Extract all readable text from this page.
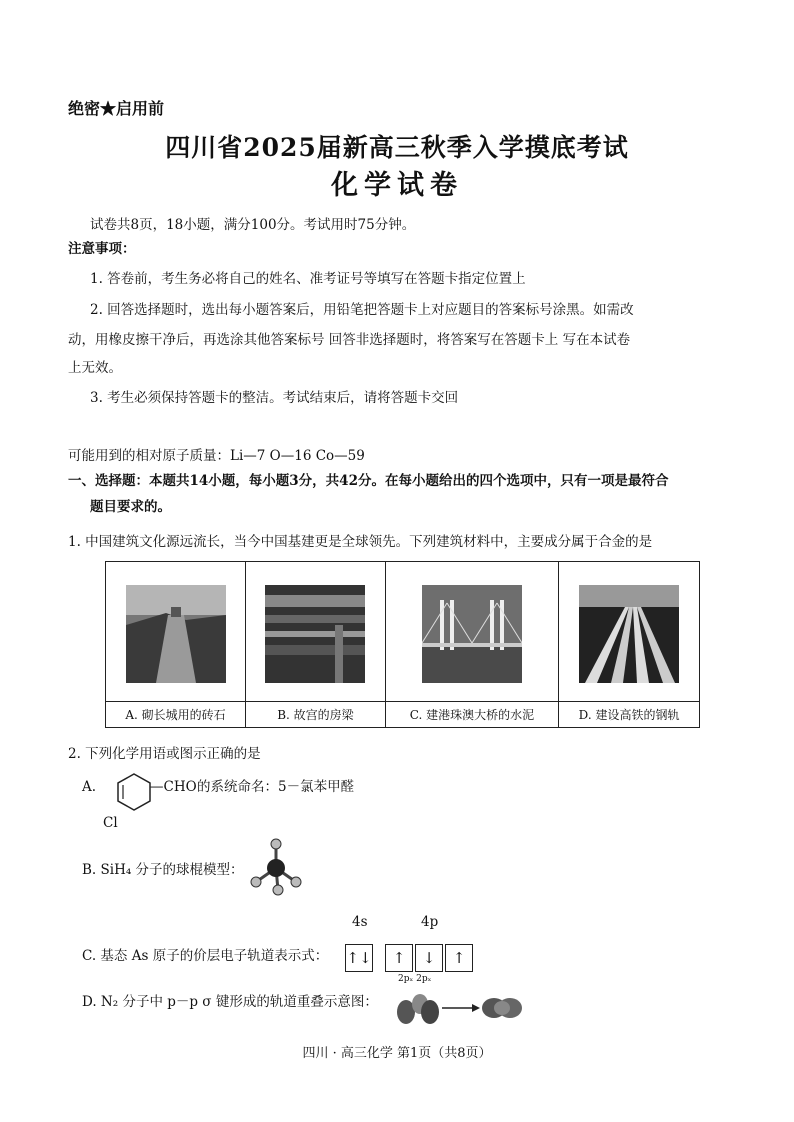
绝密★启用前
四川省2025届新高三秋季入学摸底考试
化学试卷
试卷共8页，18小题，满分100分。考试用时75分钟。
注意事项：
1. 答卷前，考生务必将自己的姓名、准考证号等填写在答题卡指定位置上
2. 回答选择题时，选出每小题答案后，用铅笔把答题卡上对应题目的答案标号涂黑。如需改
动，用橡皮擦干净后，再选涂其他答案标号 回答非选择题时，将答案写在答题卡上 写在本试卷
上无效。
3. 考生必须保持答题卡的整洁。考试结束后，请将答题卡交回
可能用到的相对原子质量：Li—7 O—16 Co—59
一、选择题：本题共14小题，每小题3分，共42分。在每小题给出的四个选项中，只有一项是最符合
题目要求的。
1. 中国建筑文化源远流长，当今中国基建更是全球领先。下列建筑材料中，主要成分属于合金的是

A. 砌长城用的砖石	B. 故宫的房梁	C. 建港珠澳大桥的水泥	D. 建设高铁的钢轨
2. 下列化学用语或图示正确的是
A.	—CHO 的系统命名：5－氯苯甲醛
Cl
B. SiH₄ 分子的球棍模型：
4s	4p
C. 基态 As 原子的价层电子轨道表示式： ↑↓	↑	↓	↑
D. N₂ 分子中 p－p σ 键形成的轨道重叠示意图：
2pₓ 2pₓ
四川 · 高三化学 第1页（共8页）
